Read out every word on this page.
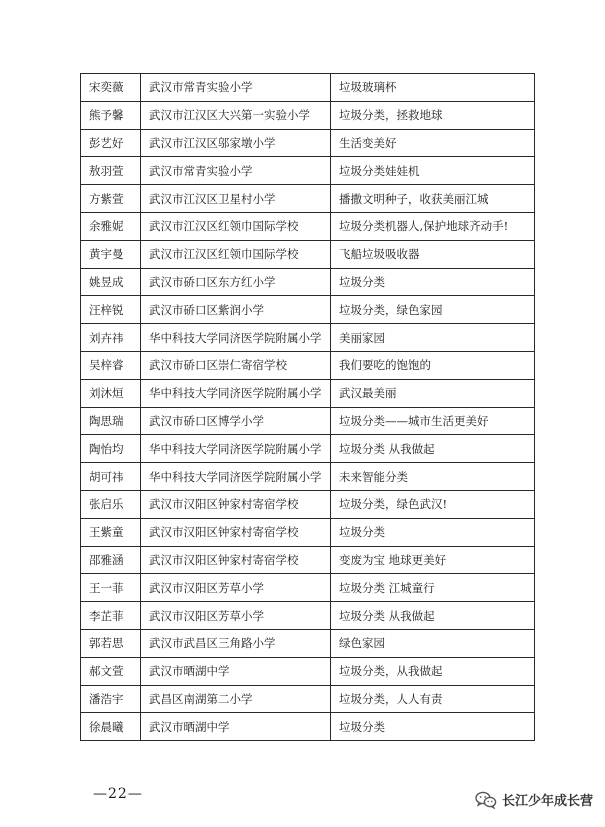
宋奕薇	武汉市常青实验小学	垃圾玻璃杯
熊予馨	武汉市江汉区大兴第一实验小学	垃圾分类，拯救地球
彭艺好	武汉市江汉区邬家墩小学	生活变美好
敖羽萱	武汉市常青实验小学	垃圾分类娃娃机
方紫萱	武汉市江汉区卫星村小学	播撒文明种子，收获美丽江城
余雅妮	武汉市江汉区红领巾国际学校	垃圾分类机器人,保护地球齐动手!
黄宇曼	武汉市江汉区红领巾国际学校	飞船垃圾吸收器
姚昱成	武汉市硚口区东方红小学	垃圾分类
汪梓锐	武汉市硚口区紫润小学	垃圾分类，绿色家园
刘卉祎	华中科技大学同济医学院附属小学	美丽家园
吴梓睿	武汉市硚口区崇仁寄宿学校	我们要吃的饱饱的
刘沐烜	华中科技大学同济医学院附属小学	武汉最美丽
陶思瑞	武汉市硚口区博学小学	垃圾分类——城市生活更美好
陶怡均	华中科技大学同济医学院附属小学	垃圾分类 从我做起
胡可祎	华中科技大学同济医学院附属小学	未来智能分类
张启乐	武汉市汉阳区钟家村寄宿学校	垃圾分类，绿色武汉!
王紫童	武汉市汉阳区钟家村寄宿学校	垃圾分类
邵雅涵	武汉市汉阳区钟家村寄宿学校	变废为宝 地球更美好
王一菲	武汉市汉阳区芳草小学	垃圾分类 江城童行
李芷菲	武汉市汉阳区芳草小学	垃圾分类 从我做起
郭若思	武汉市武昌区三角路小学	绿色家园
郝文萱	武汉市晒湖中学	垃圾分类，从我做起
潘浩宇	武昌区南湖第二小学	垃圾分类，人人有责
徐晨曦	武汉市晒湖中学	垃圾分类
—22—	长江少年成长营
